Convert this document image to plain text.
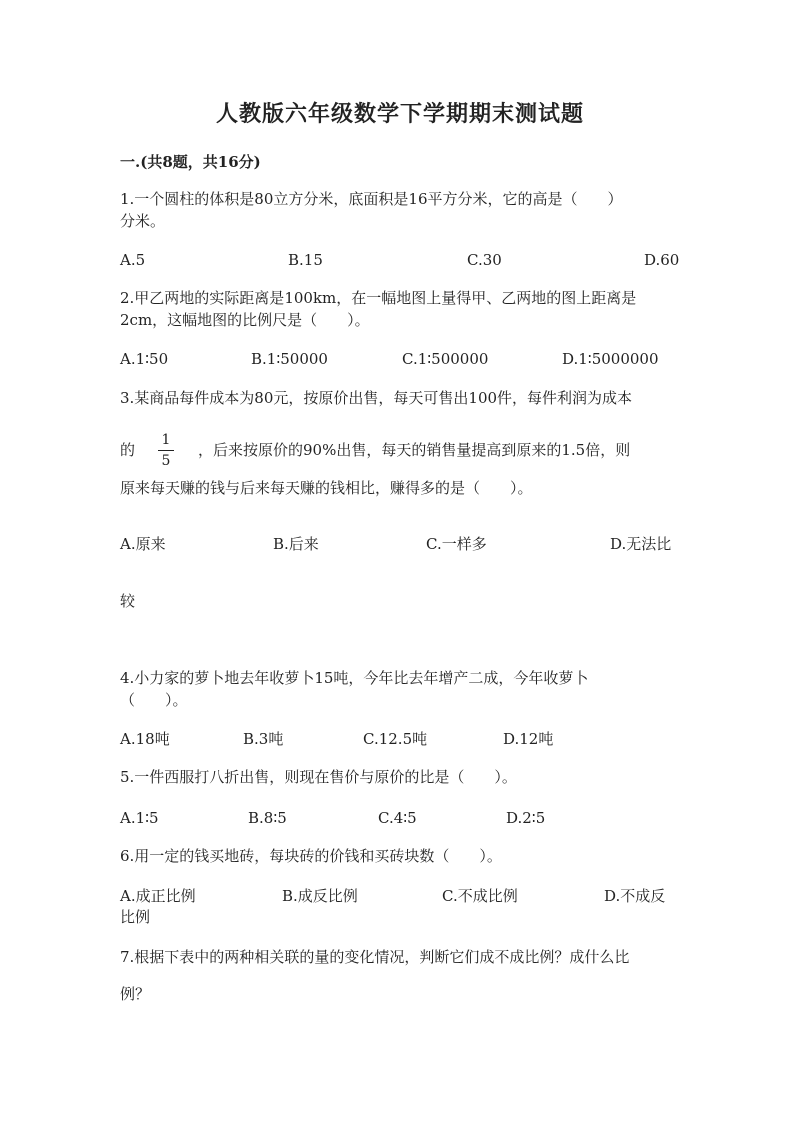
人教版六年级数学下学期期末测试题
一.(共8题，共16分)
1.一个圆柱的体积是80立方分米，底面积是16平方分米，它的高是（　　）
分米。
A.5	B.15	C.30	D.60
2.甲乙两地的实际距离是100km，在一幅地图上量得甲、乙两地的图上距离是
2cm，这幅地图的比例尺是（　　）。
A.1∶50	B.1∶50000	C.1∶500000	D.1∶5000000
3.某商品每件成本为80元，按原价出售，每天可售出100件，每件利润为成本
的
1
5
，后来按原价的90%出售，每天的销售量提高到原来的1.5倍，则
原来每天赚的钱与后来每天赚的钱相比，赚得多的是（　　）。
A.原来	B.后来	C.一样多	D.无法比
较
4.小力家的萝卜地去年收萝卜15吨，今年比去年增产二成，今年收萝卜
（　　）。
A.18吨	B.3吨	C.12.5吨	D.12吨
5.一件西服打八折出售，则现在售价与原价的比是（　　）。
A.1∶5	B.8∶5	C.4∶5	D.2∶5
6.用一定的钱买地砖，每块砖的价钱和买砖块数（　　）。
A.成正比例	B.成反比例	C.不成比例	D.不成反
比例
7.根据下表中的两种相关联的量的变化情况，判断它们成不成比例？成什么比
例？
